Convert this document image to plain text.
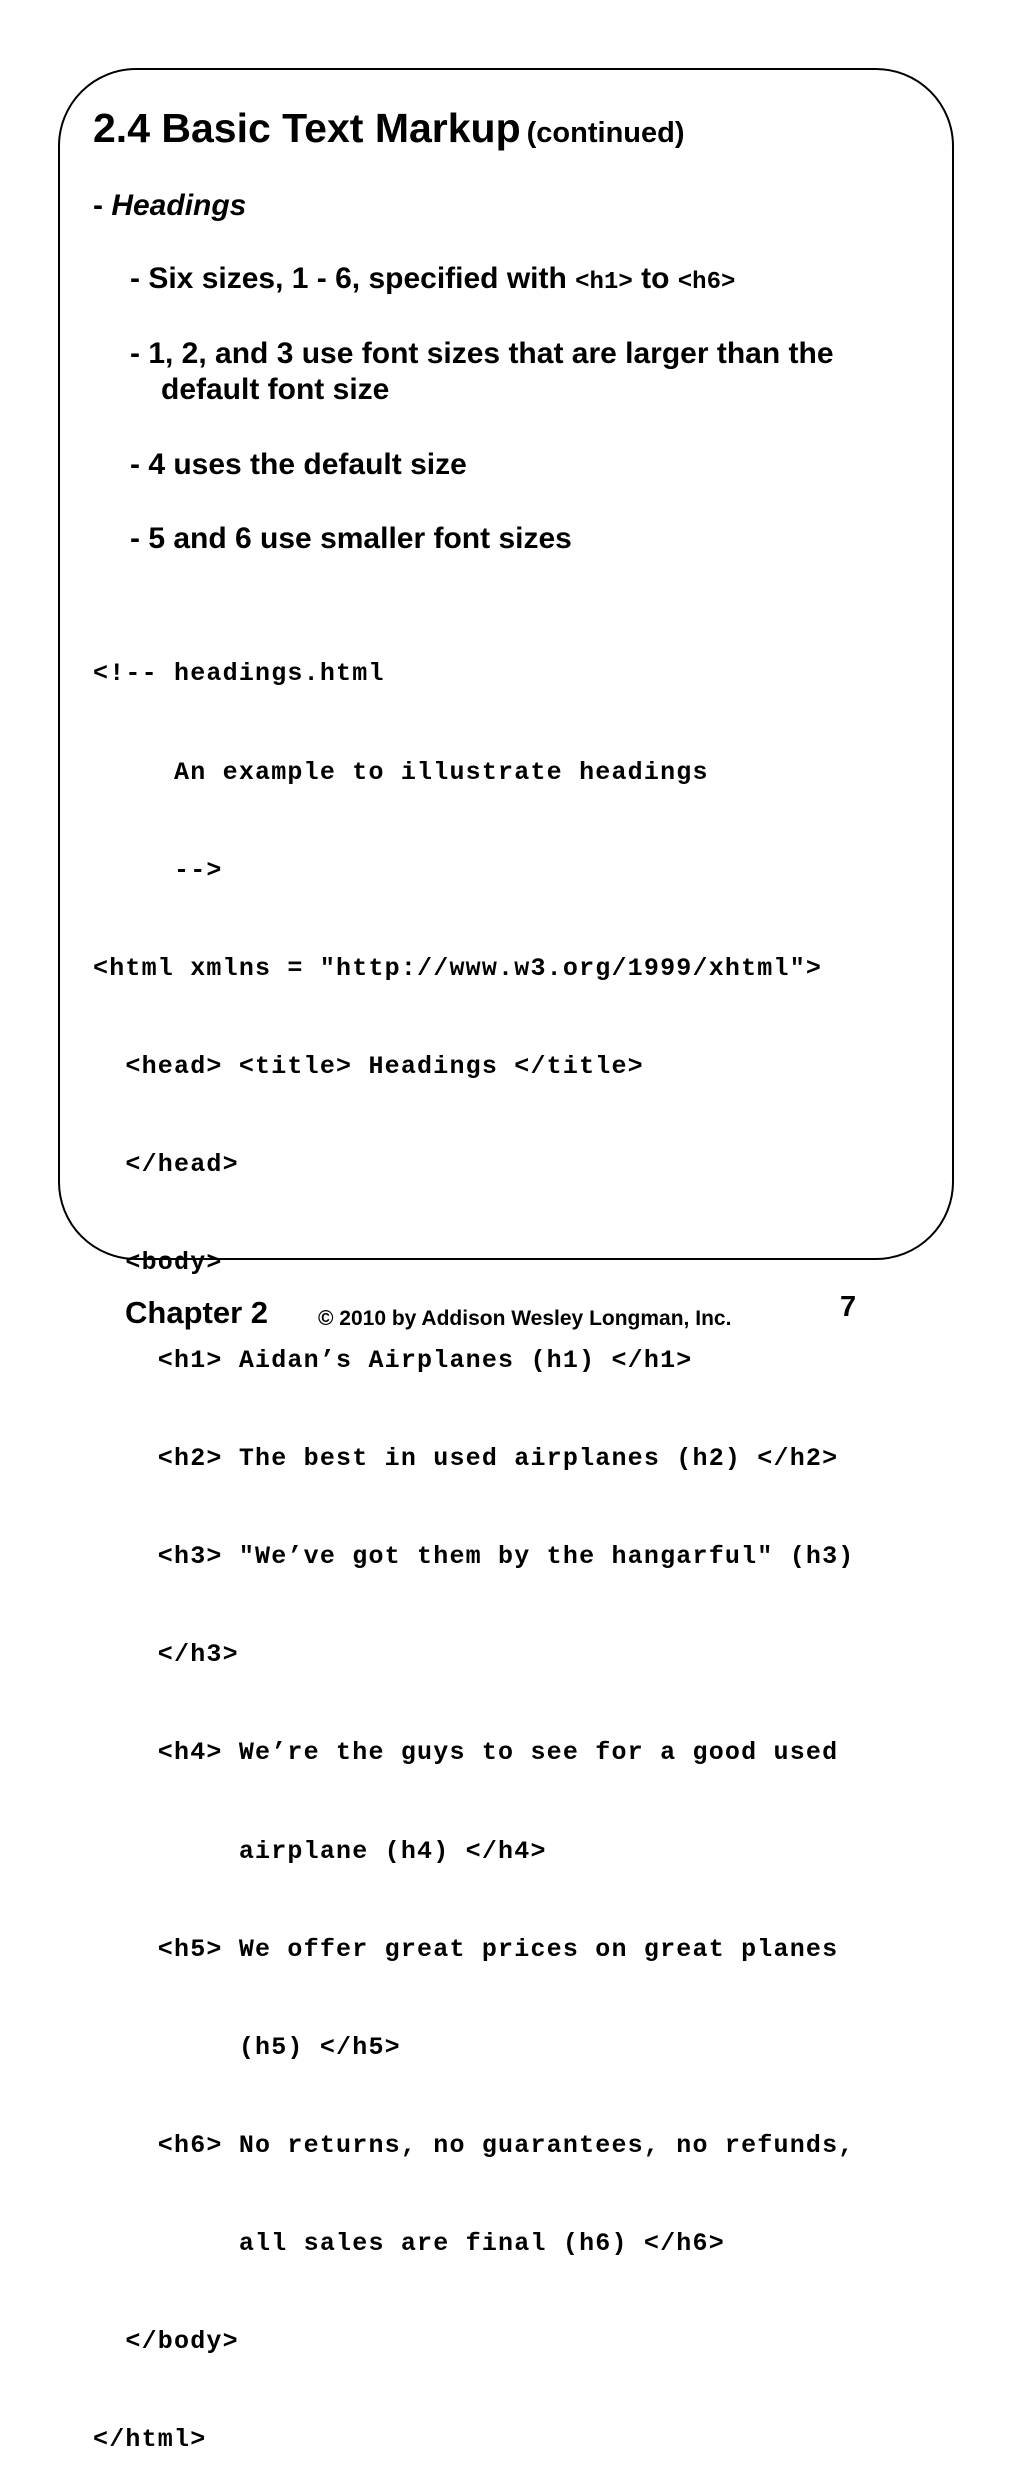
2.4 Basic Text Markup (continued)
- Headings
- Six sizes, 1 - 6, specified with <h1> to <h6>
- 1, 2, and 3 use font sizes that are larger than the
default font size
- 4 uses the default size
- 5 and 6 use smaller font sizes

<!-- headings.html

An example to illustrate headings

-->

<html xmlns = ″http://www.w3.org/1999/xhtml″>

<head> <title> Headings </title>

</head>

<body>

<h1> Aidan’s Airplanes (h1) </h1>

<h2> The best in used airplanes (h2) </h2>

<h3> "We’ve got them by the hangarful" (h3)

</h3>

<h4> We’re the guys to see for a good used

airplane (h4) </h4>

<h5> We offer great prices on great planes

(h5) </h5>

<h6> No returns, no guarantees, no refunds,

all sales are final (h6) </h6>

</body>

</html>

Chapter 2 © 2010 by Addison Wesley Longman, Inc.	7
